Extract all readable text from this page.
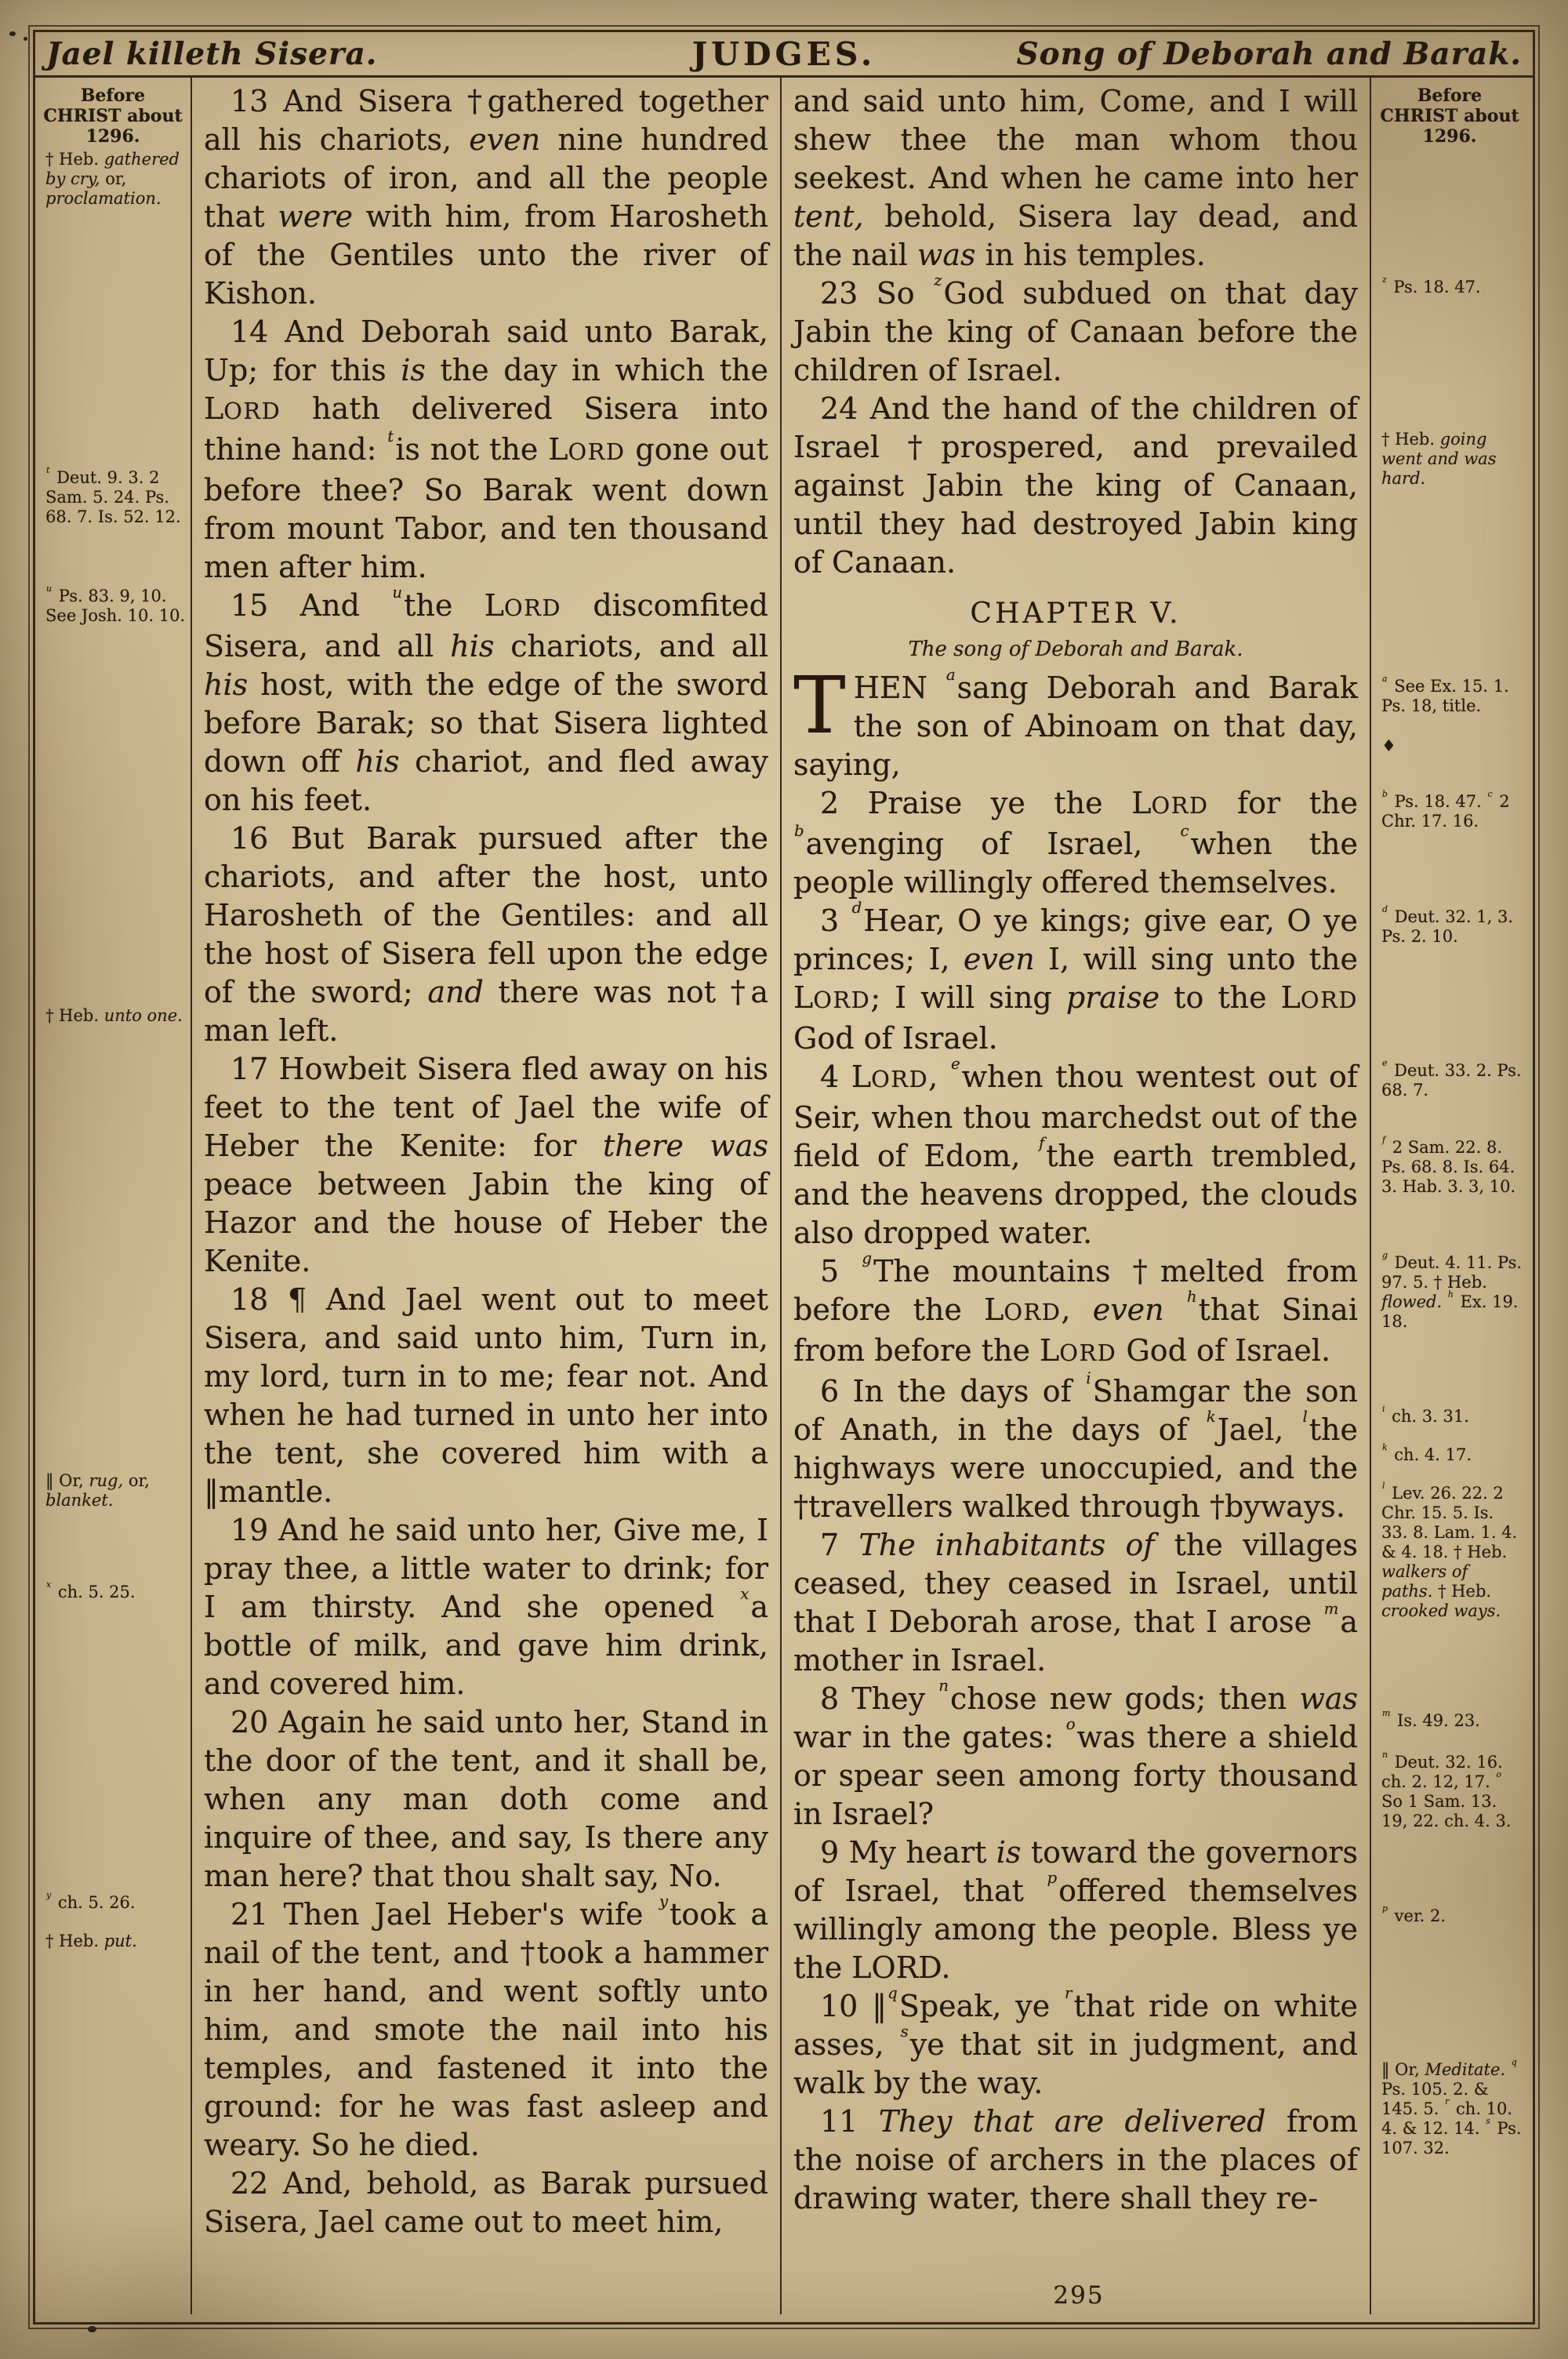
Jael killeth Sisera.	JUDGES.	Song of Deborah and Barak.
Before CHRIST about 1296.

† Heb. gathered by cry, or, proclamation.

$^t$ Deut. 9. 3. 2 Sam. 5. 24. Ps. 68. 7. Is. 52. 12.

$^u$ Ps. 83. 9, 10. See Josh. 10. 10.

† Heb. unto one.

‖ Or, rug, or, blanket.

$^x$ ch. 5. 25.

$^y$ ch. 5. 26.

† Heb. put.

13 And Sisera †gathered together all his chariots, even nine hundred chariots of iron, and all the people that were with him, from Harosheth of the Gentiles unto the river of Kishon.

14 And Deborah said unto Barak, Up; for this is the day in which the LORD hath delivered Sisera into thine hand: $^t$is not the LORD gone out before thee? So Barak went down from mount Tabor, and ten thousand men after him.

15 And $^u$the LORD discomfited Sisera, and all his chariots, and all his host, with the edge of the sword before Barak; so that Sisera lighted down off his chariot, and fled away on his feet.

16 But Barak pursued after the chariots, and after the host, unto Harosheth of the Gentiles: and all the host of Sisera fell upon the edge of the sword; and there was not †a man left.

17 Howbeit Sisera fled away on his feet to the tent of Jael the wife of Heber the Kenite: for there was peace between Jabin the king of Hazor and the house of Heber the Kenite.

18 ¶ And Jael went out to meet Sisera, and said unto him, Turn in, my lord, turn in to me; fear not. And when he had turned in unto her into the tent, she covered him with a ‖mantle.

19 And he said unto her, Give me, I pray thee, a little water to drink; for I am thirsty. And she opened $^x$a bottle of milk, and gave him drink, and covered him.

20 Again he said unto her, Stand in the door of the tent, and it shall be, when any man doth come and inquire of thee, and say, Is there any man here? that thou shalt say, No.

21 Then Jael Heber's wife $^y$took a nail of the tent, and †took a hammer in her hand, and went softly unto him, and smote the nail into his temples, and fastened it into the ground: for he was fast asleep and weary. So he died.

22 And, behold, as Barak pursued Sisera, Jael came out to meet him,

and said unto him, Come, and I will shew thee the man whom thou seekest. And when he came into her tent, behold, Sisera lay dead, and the nail was in his temples.

23 So $^z$God subdued on that day Jabin the king of Canaan before the children of Israel.

24 And the hand of the children of Israel †prospered, and prevailed against Jabin the king of Canaan, until they had destroyed Jabin king of Canaan.

CHAPTER V.
The song of Deborah and Barak.

THEN $^a$sang Deborah and Barak the son of Abinoam on that day, saying,

2 Praise ye the LORD for the $^b$avenging of Israel, $^c$when the people willingly offered themselves.

3 $^d$Hear, O ye kings; give ear, O ye princes; I, even I, will sing unto the LORD; I will sing praise to the LORD God of Israel.

4 LORD, $^e$when thou wentest out of Seir, when thou marchedst out of the field of Edom, $^f$the earth trembled, and the heavens dropped, the clouds also dropped water.

5 $^g$The mountains †melted from before the LORD, even $^h$that Sinai from before the LORD God of Israel.

6 In the days of $^i$Shamgar the son of Anath, in the days of $^k$Jael, $^l$the highways were unoccupied, and the †travellers walked through †byways.

7 The inhabitants of the villages ceased, they ceased in Israel, until that I Deborah arose, that I arose $^m$a mother in Israel.

8 They $^n$chose new gods; then was war in the gates: $^o$was there a shield or spear seen among forty thousand in Israel?

9 My heart is toward the governors of Israel, that $^p$offered themselves willingly among the people. Bless ye the LORD.

10 ‖$^q$Speak, ye $^r$that ride on white asses, $^s$ye that sit in judgment, and walk by the way.

11 They that are delivered from the noise of archers in the places of drawing water, there shall they re-

Before CHRIST about 1296.

$^z$ Ps. 18. 47.

† Heb. going went and was hard.

$^a$ See Ex. 15. 1. Ps. 18, title.

♦

$^b$ Ps. 18. 47. $^c$ 2 Chr. 17. 16.

$^d$ Deut. 32. 1, 3. Ps. 2. 10.

$^e$ Deut. 33. 2. Ps. 68. 7.

$^f$ 2 Sam. 22. 8. Ps. 68. 8. Is. 64. 3. Hab. 3. 3, 10.

$^g$ Deut. 4. 11. Ps. 97. 5. † Heb. flowed. $^h$ Ex. 19. 18.

$^i$ ch. 3. 31.

$^k$ ch. 4. 17.

$^l$ Lev. 26. 22. 2 Chr. 15. 5. Is. 33. 8. Lam. 1. 4. & 4. 18. † Heb. walkers of paths. † Heb. crooked ways.

$^m$ Is. 49. 23.

$^n$ Deut. 32. 16. ch. 2. 12, 17. $^o$ So 1 Sam. 13. 19, 22. ch. 4. 3.

$^p$ ver. 2.

‖ Or, Meditate. $^q$ Ps. 105. 2. & 145. 5. $^r$ ch. 10. 4. & 12. 14. $^s$ Ps. 107. 32.

295
